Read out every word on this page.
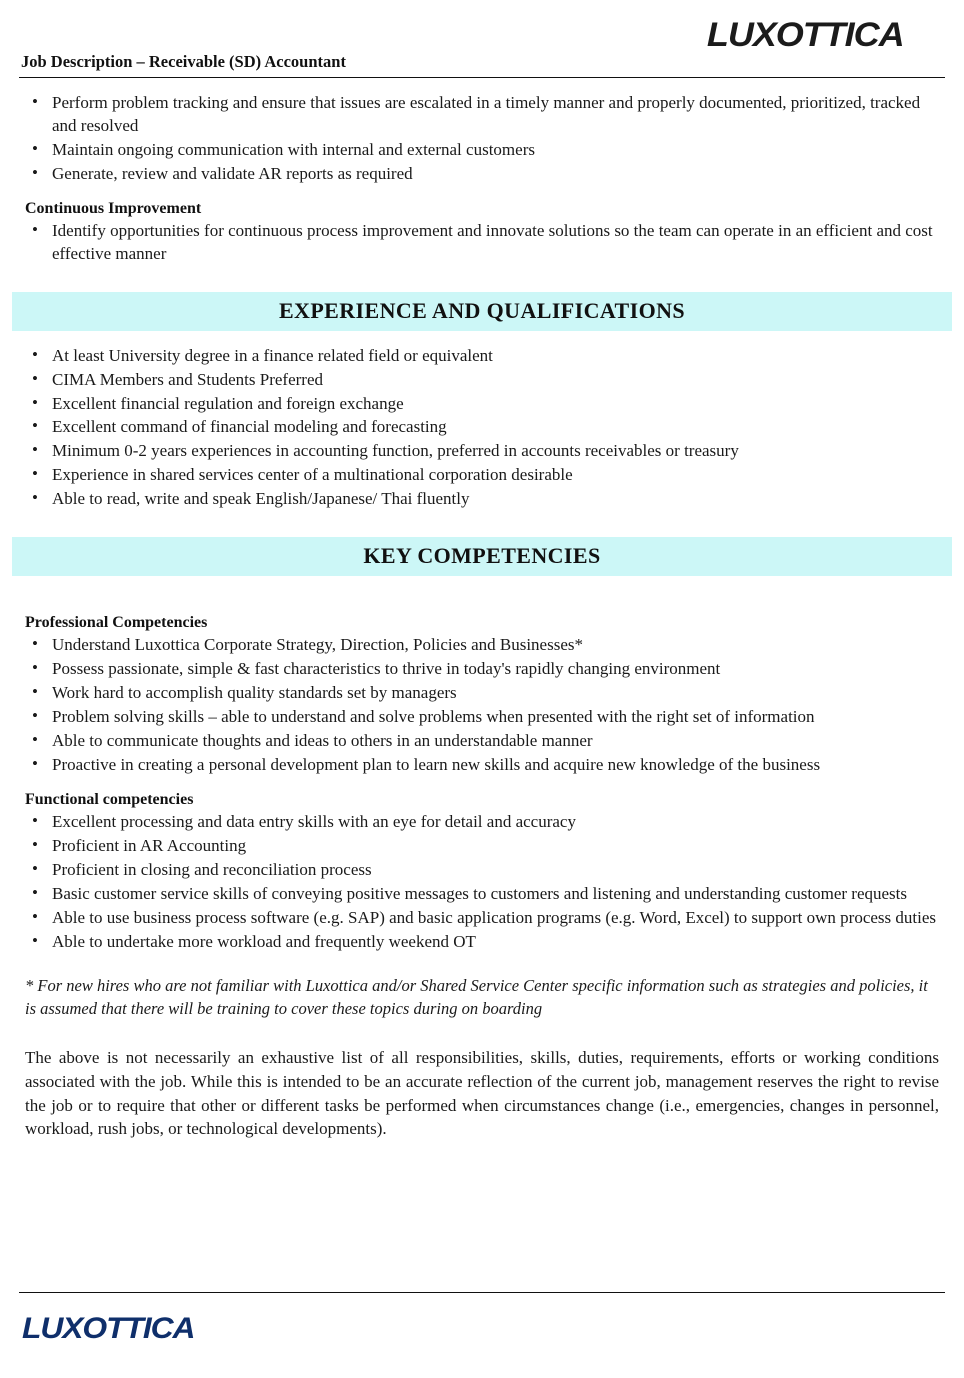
LUXOTTICA
Job Description – Receivable (SD) Accountant
• Perform problem tracking and ensure that issues are escalated in a timely manner and properly documented, prioritized, tracked and resolved
• Maintain ongoing communication with internal and external customers
• Generate, review and validate AR reports as required
Continuous Improvement
• Identify opportunities for continuous process improvement and innovate solutions so the team can operate in an efficient and cost effective manner
EXPERIENCE AND QUALIFICATIONS
• At least University degree in a finance related field or equivalent
• CIMA Members and Students Preferred
• Excellent financial regulation and foreign exchange
• Excellent command of financial modeling and forecasting
• Minimum 0-2 years experiences in accounting function, preferred in accounts receivables or treasury
• Experience in shared services center of a multinational corporation desirable
• Able to read, write and speak English/Japanese/ Thai fluently
KEY COMPETENCIES
Professional Competencies
• Understand Luxottica Corporate Strategy, Direction, Policies and Businesses*
• Possess passionate, simple & fast characteristics to thrive in today's rapidly changing environment
• Work hard to accomplish quality standards set by managers
• Problem solving skills – able to understand and solve problems when presented with the right set of information
• Able to communicate thoughts and ideas to others in an understandable manner
• Proactive in creating a personal development plan to learn new skills and acquire new knowledge of the business
Functional competencies
• Excellent processing and data entry skills with an eye for detail and accuracy
• Proficient in AR Accounting
• Proficient in closing and reconciliation process
• Basic customer service skills of conveying positive messages to customers and listening and understanding customer requests
• Able to use business process software (e.g. SAP) and basic application programs (e.g. Word, Excel) to support own process duties
• Able to undertake more workload and frequently weekend OT
* For new hires who are not familiar with Luxottica and/or Shared Service Center specific information such as strategies and policies, it is assumed that there will be training to cover these topics during on boarding
The above is not necessarily an exhaustive list of all responsibilities, skills, duties, requirements, efforts or working conditions associated with the job. While this is intended to be an accurate reflection of the current job, management reserves the right to revise the job or to require that other or different tasks be performed when circumstances change (i.e., emergencies, changes in personnel, workload, rush jobs, or technological developments).
LUXOTTICA
